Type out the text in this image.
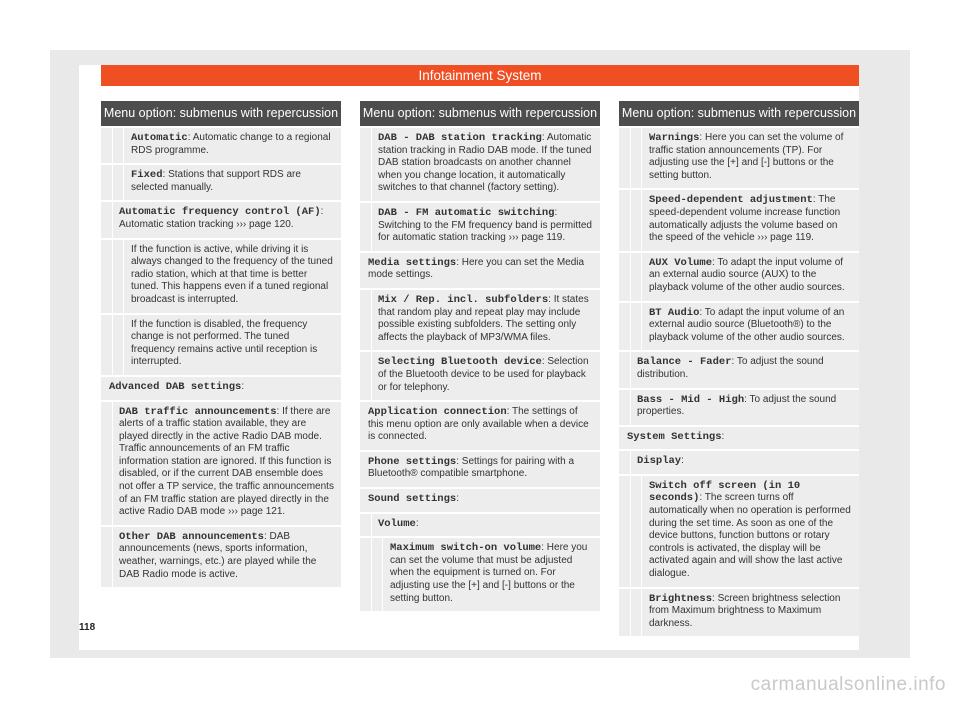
Infotainment System
Menu option: submenus with repercussion
Automatic: Automatic change to a regional RDS programme.
Fixed: Stations that support RDS are selected manually.
Automatic frequency control (AF): Automatic station tracking ››› page 120.
If the function is active, while driving it is always changed to the frequency of the tuned radio station, which at that time is better tuned. This happens even if a tuned regional broadcast is interrupted.
If the function is disabled, the frequency change is not performed. The tuned frequency remains active until reception is interrupted.
Advanced DAB settings:
DAB traffic announcements: If there are alerts of a traffic station available, they are played directly in the active Radio DAB mode. Traffic announcements of an FM traffic information station are ignored. If this function is disabled, or if the current DAB ensemble does not offer a TP service, the traffic announcements of an FM traffic station are played directly in the active Radio DAB mode ››› page 121.
Other DAB announcements: DAB announcements (news, sports information, weather, warnings, etc.) are played while the DAB Radio mode is active.
Menu option: submenus with repercussion
DAB - DAB station tracking: Automatic station tracking in Radio DAB mode. If the tuned DAB station broadcasts on another channel when you change location, it automatically switches to that channel (factory setting).
DAB - FM automatic switching: Switching to the FM frequency band is permitted for automatic station tracking ››› page 119.
Media settings: Here you can set the Media mode settings.
Mix / Rep. incl. subfolders: It states that random play and repeat play may include possible existing subfolders. The setting only affects the playback of MP3/WMA files.
Selecting Bluetooth device: Selection of the Bluetooth device to be used for playback or for telephony.
Application connection: The settings of this menu option are only available when a device is connected.
Phone settings: Settings for pairing with a Bluetooth® compatible smartphone.
Sound settings:
Volume:
Maximum switch-on volume: Here you can set the volume that must be adjusted when the equipment is turned on. For adjusting use the [+] and [-] buttons or the setting button.
Menu option: submenus with repercussion
Warnings: Here you can set the volume of traffic station announcements (TP). For adjusting use the [+] and [-] buttons or the setting button.
Speed-dependent adjustment: The speed-dependent volume increase function automatically adjusts the volume based on the speed of the vehicle ››› page 119.
AUX Volume: To adapt the input volume of an external audio source (AUX) to the playback volume of the other audio sources.
BT Audio: To adapt the input volume of an external audio source (Bluetooth®) to the playback volume of the other audio sources.
Balance - Fader: To adjust the sound distribution.
Bass - Mid - High: To adjust the sound properties.
System Settings:
Display:
Switch off screen (in 10 seconds): The screen turns off automatically when no operation is performed during the set time. As soon as one of the device buttons, function buttons or rotary controls is activated, the display will be activated again and will show the last active dialogue.
Brightness: Screen brightness selection from Maximum brightness to Maximum darkness.
118
carmanualsonline.info
